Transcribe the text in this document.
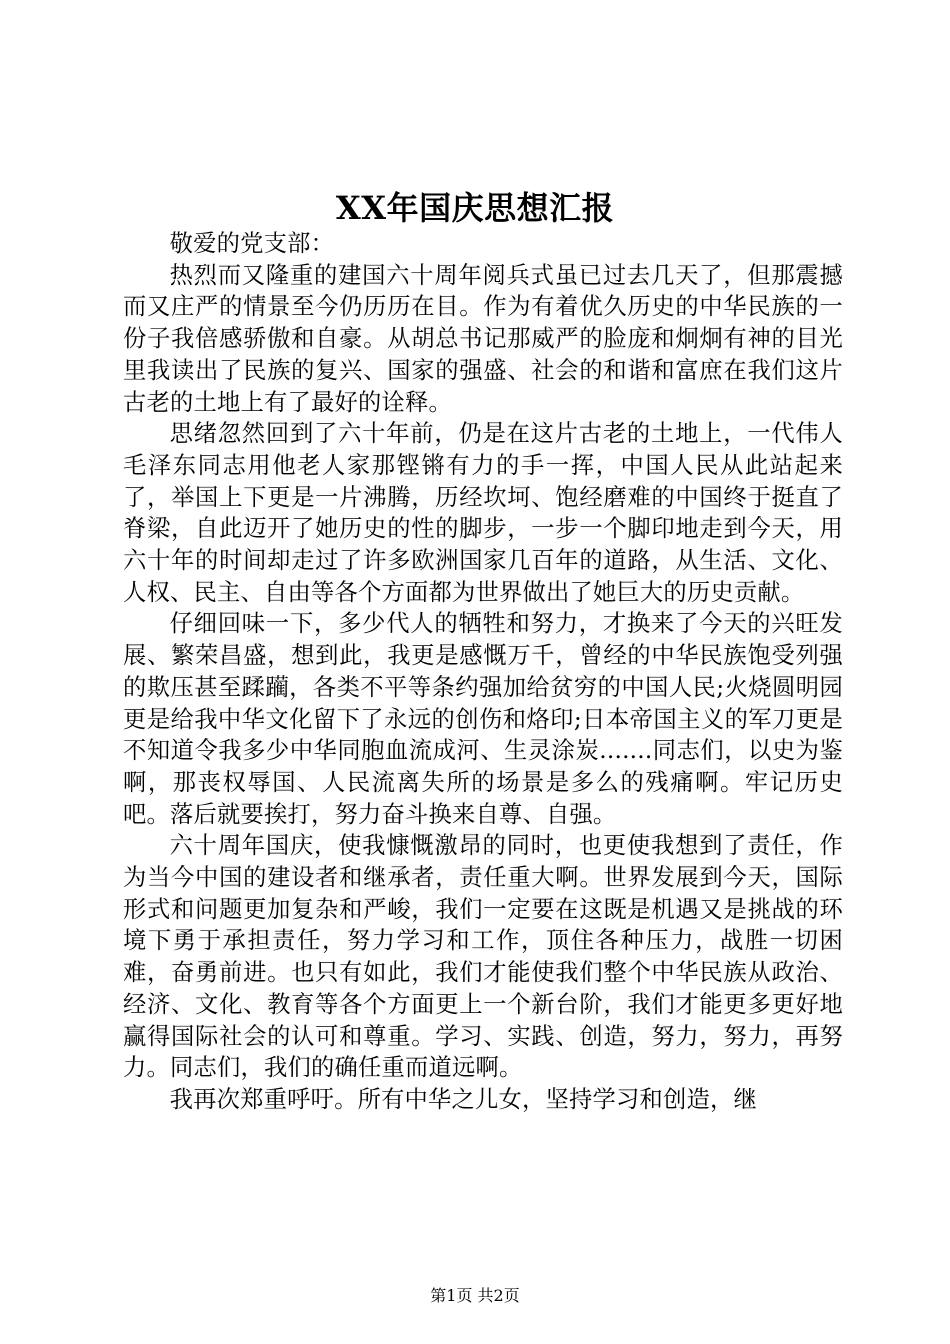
XX年国庆思想汇报

敬爱的党支部：

热烈而又隆重的建国六十周年阅兵式虽已过去几天了，但那震撼而又庄严的情景至今仍历历在目。作为有着优久历史的中华民族的一份子我倍感骄傲和自豪。从胡总书记那威严的脸庞和炯炯有神的目光里我读出了民族的复兴、国家的强盛、社会的和谐和富庶在我们这片古老的土地上有了最好的诠释。

思绪忽然回到了六十年前，仍是在这片古老的土地上，一代伟人毛泽东同志用他老人家那铿锵有力的手一挥，中国人民从此站起来了，举国上下更是一片沸腾，历经坎坷、饱经磨难的中国终于挺直了脊梁，自此迈开了她历史的性的脚步，一步一个脚印地走到今天，用六十年的时间却走过了许多欧洲国家几百年的道路，从生活、文化、人权、民主、自由等各个方面都为世界做出了她巨大的历史贡献。

仔细回味一下，多少代人的牺牲和努力，才换来了今天的兴旺发展、繁荣昌盛，想到此，我更是感慨万千，曾经的中华民族饱受列强的欺压甚至蹂躏，各类不平等条约强加给贫穷的中国人民;火烧圆明园更是给我中华文化留下了永远的创伤和烙印;日本帝国主义的军刀更是不知道令我多少中华同胞血流成河、生灵涂炭.......同志们，以史为鉴啊，那丧权辱国、人民流离失所的场景是多么的残痛啊。牢记历史吧。落后就要挨打，努力奋斗换来自尊、自强。

六十周年国庆，使我慷慨激昂的同时，也更使我想到了责任，作为当今中国的建设者和继承者，责任重大啊。世界发展到今天，国际形式和问题更加复杂和严峻，我们一定要在这既是机遇又是挑战的环境下勇于承担责任，努力学习和工作，顶住各种压力，战胜一切困难，奋勇前进。也只有如此，我们才能使我们整个中华民族从政治、经济、文化、教育等各个方面更上一个新台阶，我们才能更多更好地赢得国际社会的认可和尊重。学习、实践、创造，努力，努力，再努力。同志们，我们的确任重而道远啊。

我再次郑重呼吁。所有中华之儿女，坚持学习和创造，继

第1页 共2页
